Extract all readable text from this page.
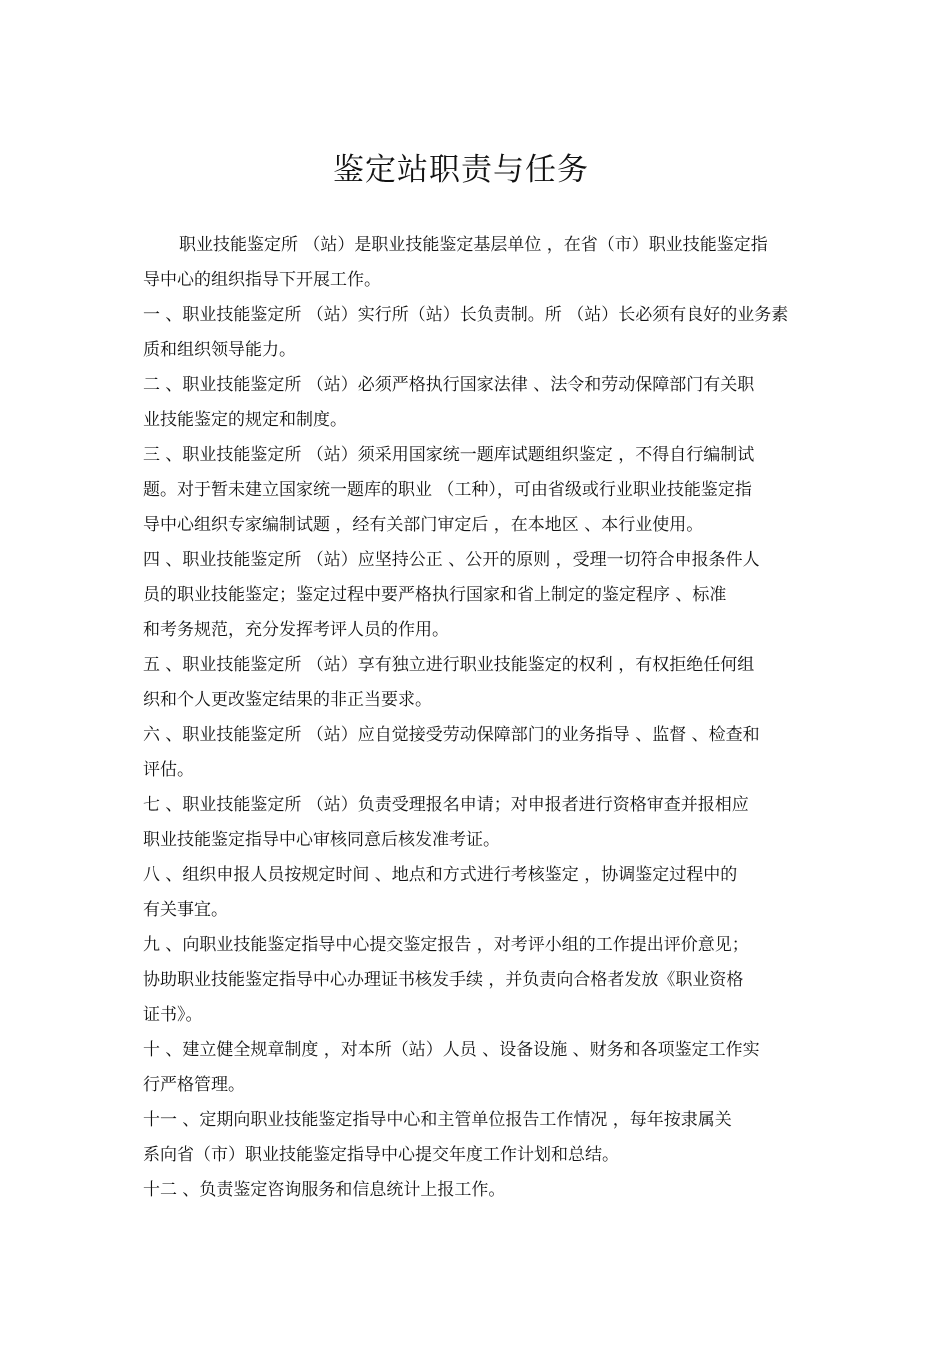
鉴定站职责与任务

职业技能鉴定所 （站）是职业技能鉴定基层单位 ，在省（市）职业技能鉴定指
导中心的组织指导下开展工作。

一 、职业技能鉴定所 （站）实行所（站）长负责制。所 （站）长必须有良好的业务素
质和组织领导能力。

二 、职业技能鉴定所 （站）必须严格执行国家法律 、法令和劳动保障部门有关职
业技能鉴定的规定和制度。

三 、职业技能鉴定所 （站）须采用国家统一题库试题组织鉴定 ，不得自行编制试
题。对于暂未建立国家统一题库的职业 （工种），可由省级或行业职业技能鉴定指
导中心组织专家编制试题 ，经有关部门审定后 ，在本地区 、本行业使用。

四 、职业技能鉴定所 （站）应坚持公正 、公开的原则 ，受理一切符合申报条件人
员的职业技能鉴定；鉴定过程中要严格执行国家和省上制定的鉴定程序 、标准
和考务规范，充分发挥考评人员的作用。

五 、职业技能鉴定所 （站）享有独立进行职业技能鉴定的权利 ，有权拒绝任何组
织和个人更改鉴定结果的非正当要求。

六 、职业技能鉴定所 （站）应自觉接受劳动保障部门的业务指导 、监督 、检查和
评估。

七 、职业技能鉴定所 （站）负责受理报名申请；对申报者进行资格审查并报相应
职业技能鉴定指导中心审核同意后核发准考证。

八 、组织申报人员按规定时间 、地点和方式进行考核鉴定 ，协调鉴定过程中的
有关事宜。

九 、向职业技能鉴定指导中心提交鉴定报告 ，对考评小组的工作提出评价意见；
协助职业技能鉴定指导中心办理证书核发手续 ，并负责向合格者发放《职业资格
证书》。

十 、建立健全规章制度 ，对本所（站）人员 、设备设施 、财务和各项鉴定工作实
行严格管理。

十一 、定期向职业技能鉴定指导中心和主管单位报告工作情况 ，每年按隶属关
系向省（市）职业技能鉴定指导中心提交年度工作计划和总结。

十二 、负责鉴定咨询服务和信息统计上报工作。
